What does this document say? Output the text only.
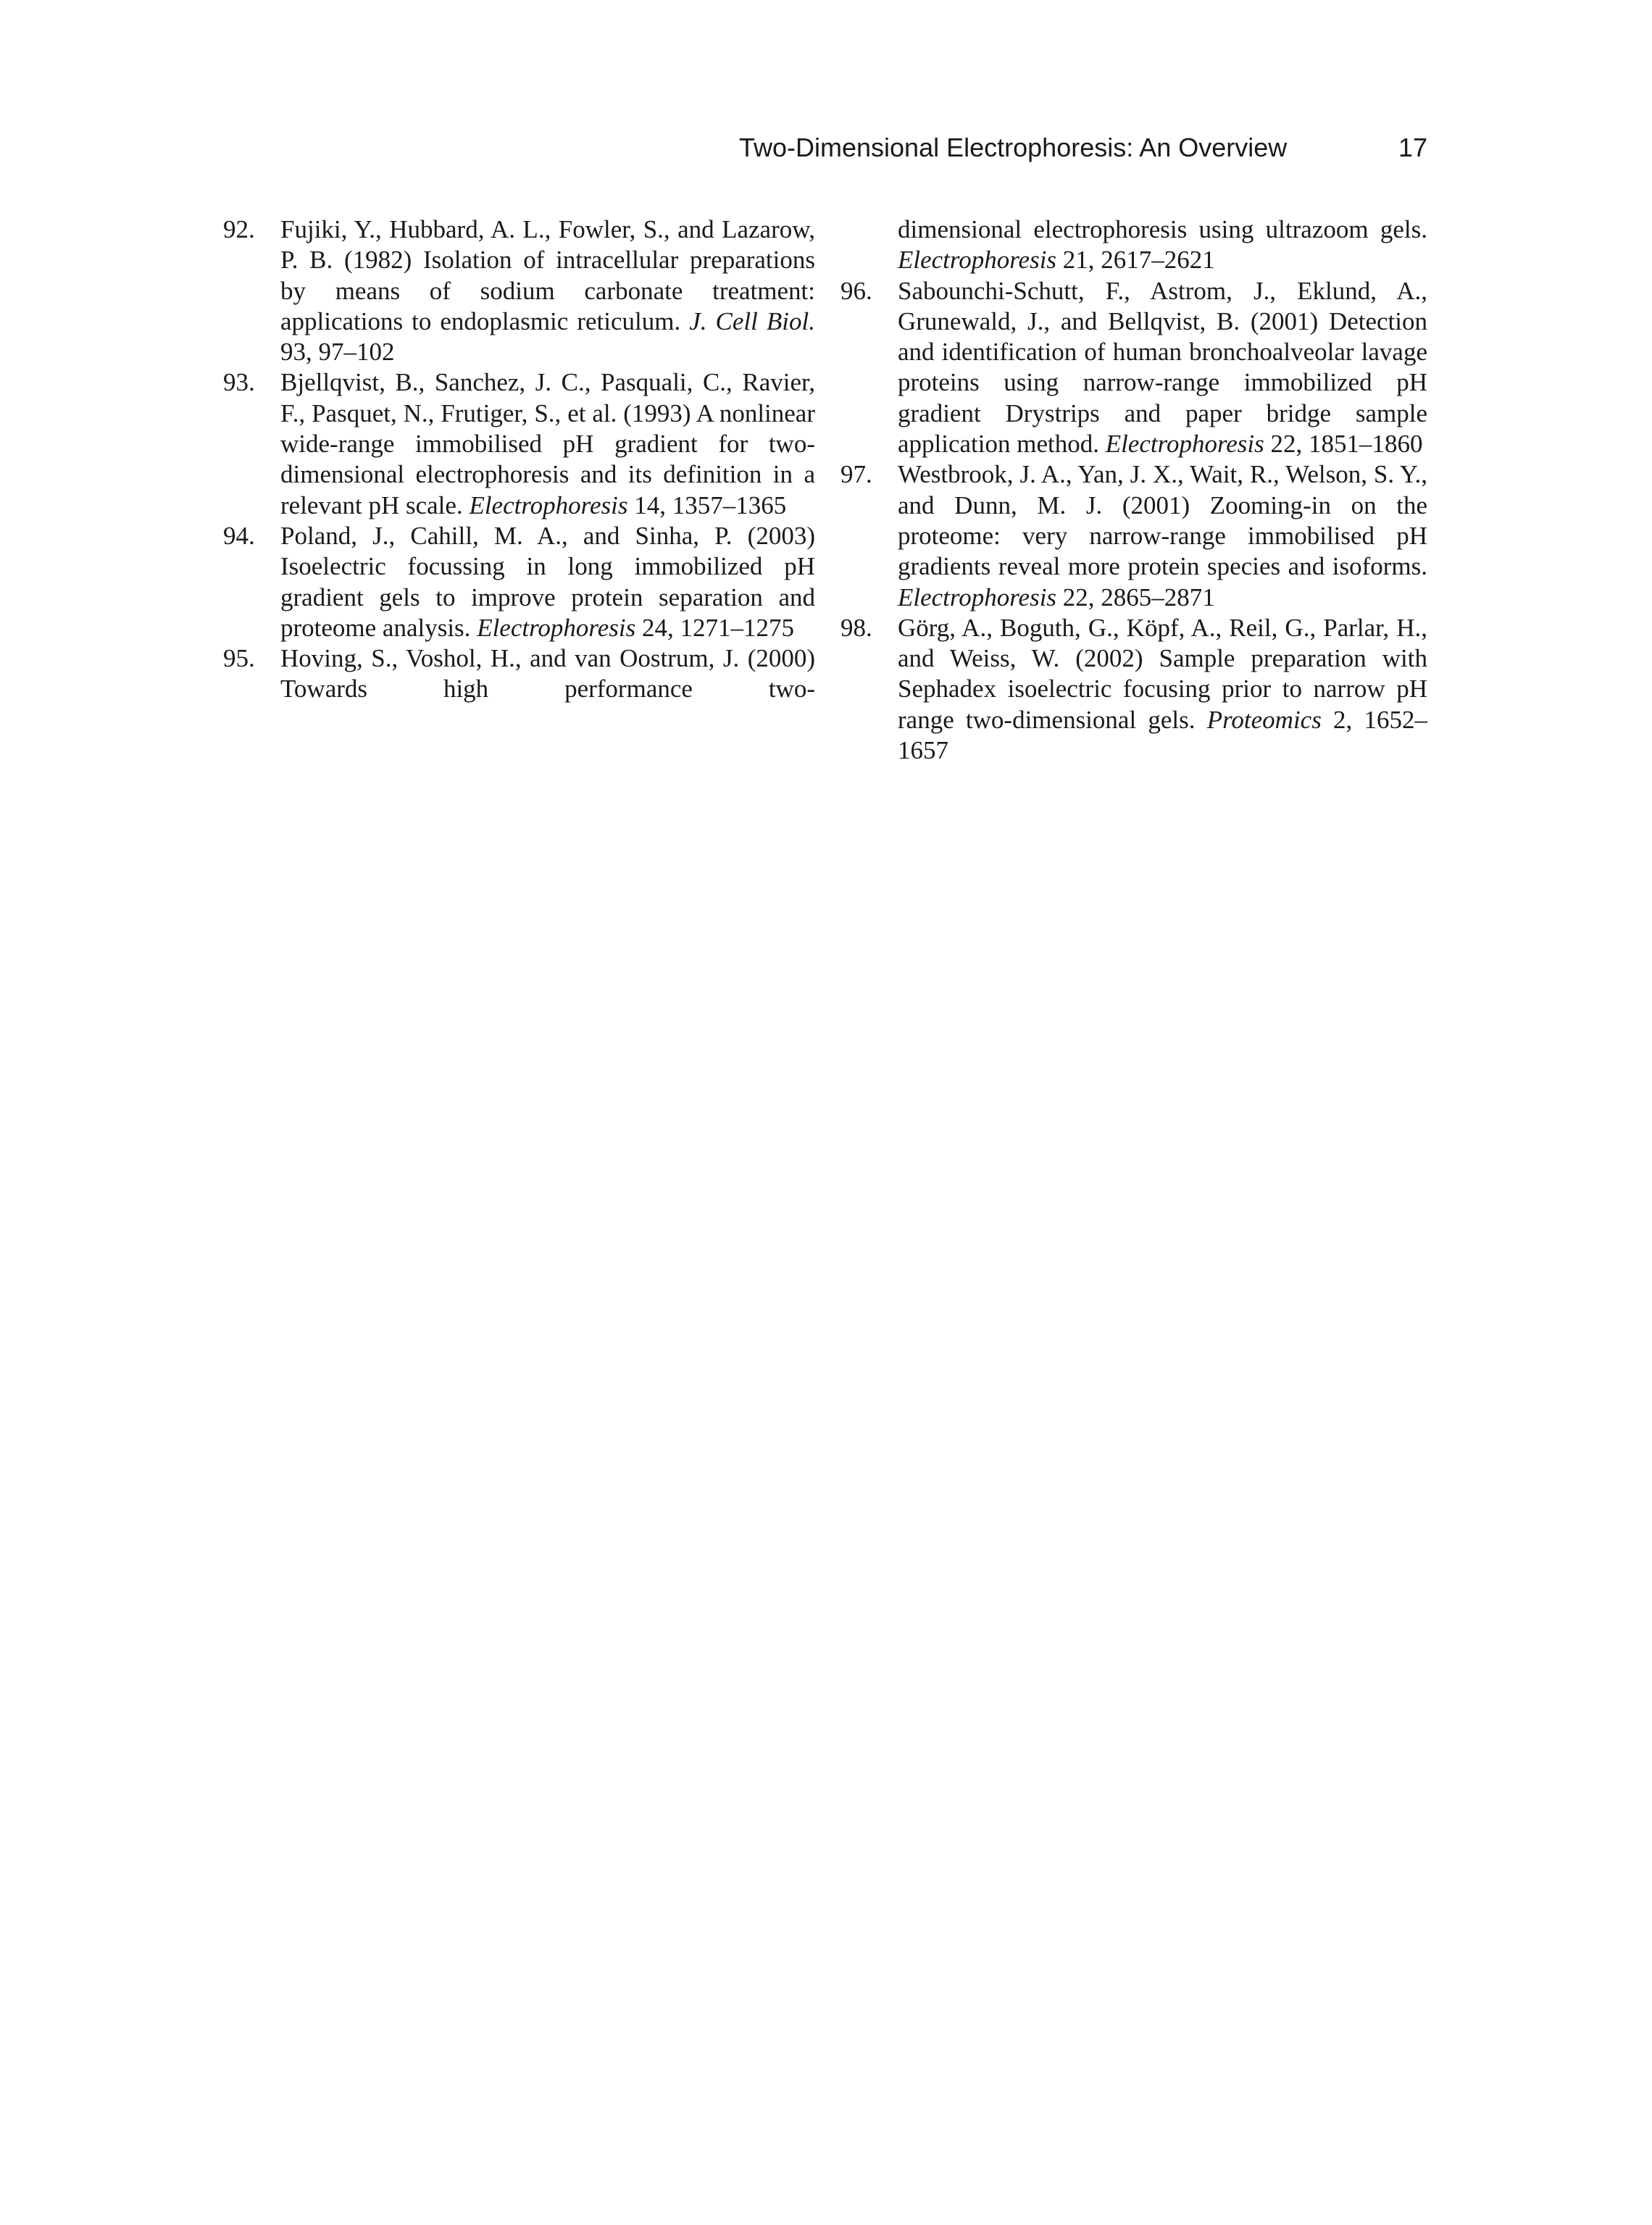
Two-Dimensional Electrophoresis: An Overview	17

92. Fujiki, Y., Hubbard, A. L., Fowler, S., and Lazarow, P. B. (1982) Isolation of intracellular preparations by means of sodium carbonate treatment: applications to endoplasmic reticulum. J. Cell Biol. 93, 97–102

93. Bjellqvist, B., Sanchez, J. C., Pasquali, C., Ravier, F., Pasquet, N., Frutiger, S., et al. (1993) A nonlinear wide-range immobilised pH gradient for two-dimensional electrophoresis and its definition in a relevant pH scale. Electrophoresis 14, 1357–1365

94. Poland, J., Cahill, M. A., and Sinha, P. (2003) Isoelectric focussing in long immobilized pH gradient gels to improve protein separation and proteome analysis. Electrophoresis 24, 1271–1275

95. Hoving, S., Voshol, H., and van Oostrum, J. (2000) Towards high performance two-

dimensional electrophoresis using ultrazoom gels. Electrophoresis 21, 2617–2621

96. Sabounchi-Schutt, F., Astrom, J., Eklund, A., Grunewald, J., and Bellqvist, B. (2001) Detection and identification of human bronchoalveolar lavage proteins using narrow-range immobilized pH gradient Drystrips and paper bridge sample application method. Electrophoresis 22, 1851–1860

97. Westbrook, J. A., Yan, J. X., Wait, R., Welson, S. Y., and Dunn, M. J. (2001) Zooming-in on the proteome: very narrow-range immobilised pH gradients reveal more protein species and isoforms. Electrophoresis 22, 2865–2871

98. Görg, A., Boguth, G., Köpf, A., Reil, G., Parlar, H., and Weiss, W. (2002) Sample preparation with Sephadex isoelectric focusing prior to narrow pH range two-dimensional gels. Proteomics 2, 1652–1657
